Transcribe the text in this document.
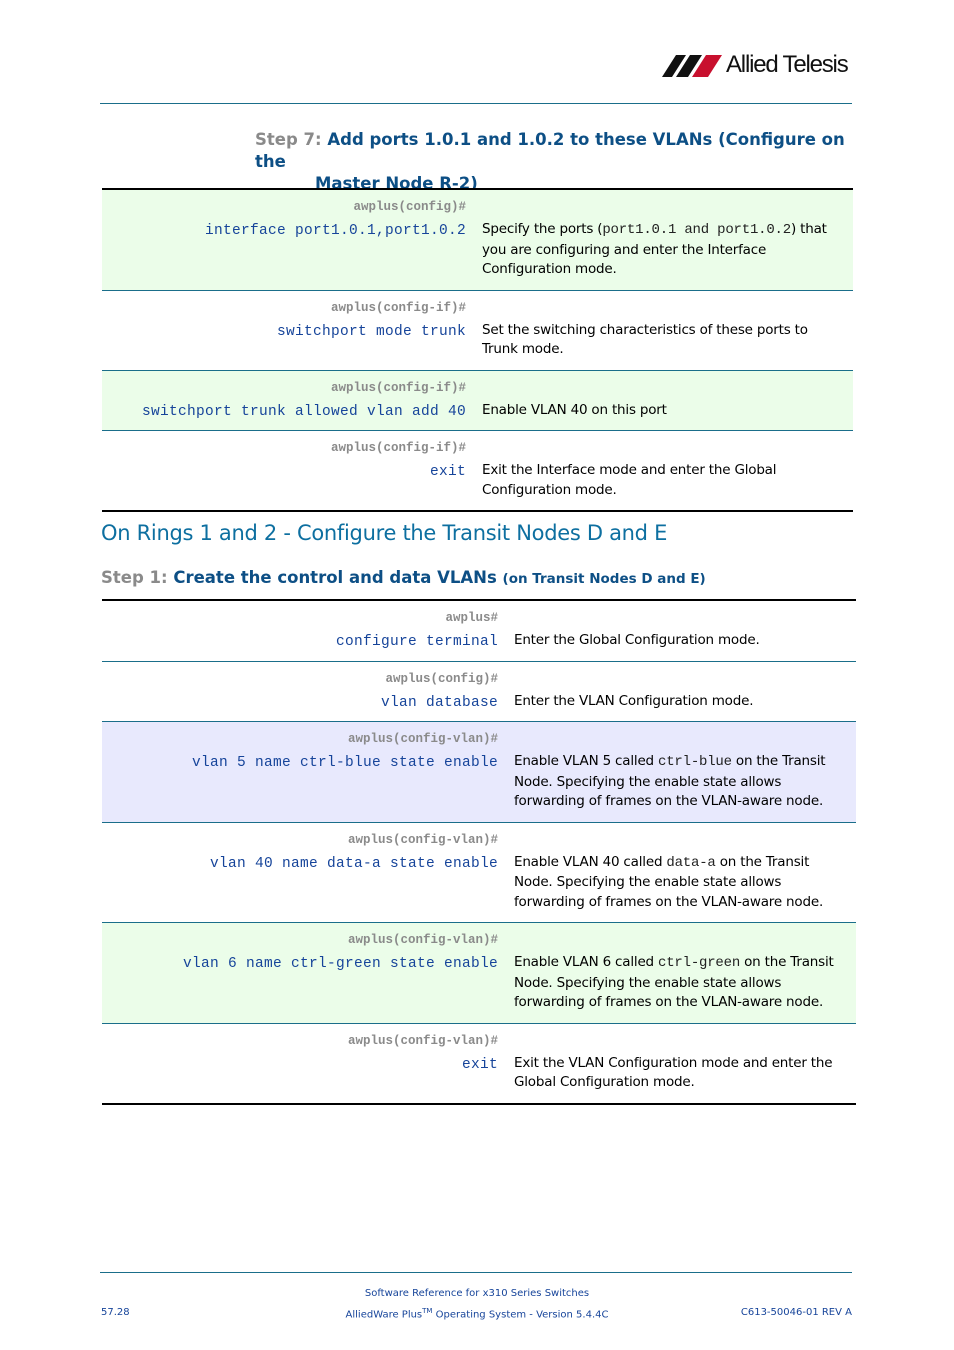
Allied Telesis
Step 7: Add ports 1.0.1 and 1.0.2 to these VLANs (Configure on the
Master Node R-2)
awplus(config)#
interface port1.0.1,port1.0.2	Specify the ports (port1.0.1 and port1.0.2) that you are configuring and enter the Interface Configuration mode.

awplus(config-if)#
switchport mode trunk	Set the switching characteristics of these ports to Trunk mode.

awplus(config-if)#
switchport trunk allowed vlan add 40	Enable VLAN 40 on this port

awplus(config-if)#
exit	Exit the Interface mode and enter the Global Configuration mode.
On Rings 1 and 2 - Configure the Transit Nodes D and E
Step 1: Create the control and data VLANs (on Transit Nodes D and E)
awplus#
configure terminal	Enter the Global Configuration mode.

awplus(config)#
vlan database	Enter the VLAN Configuration mode.

awplus(config-vlan)#
vlan 5 name ctrl-blue state enable	Enable VLAN 5 called ctrl-blue on the Transit Node. Specifying the enable state allows forwarding of frames on the VLAN-aware node.

awplus(config-vlan)#
vlan 40 name data-a state enable	Enable VLAN 40 called data-a on the Transit Node. Specifying the enable state allows forwarding of frames on the VLAN-aware node.

awplus(config-vlan)#
vlan 6 name ctrl-green state enable	Enable VLAN 6 called ctrl-green on the Transit Node. Specifying the enable state allows forwarding of frames on the VLAN-aware node.

awplus(config-vlan)#
exit	Exit the VLAN Configuration mode and enter the Global Configuration mode.
Software Reference for x310 Series Switches
AlliedWare Plus™ Operating System - Version 5.4.4C
57.28	C613-50046-01 REV A
